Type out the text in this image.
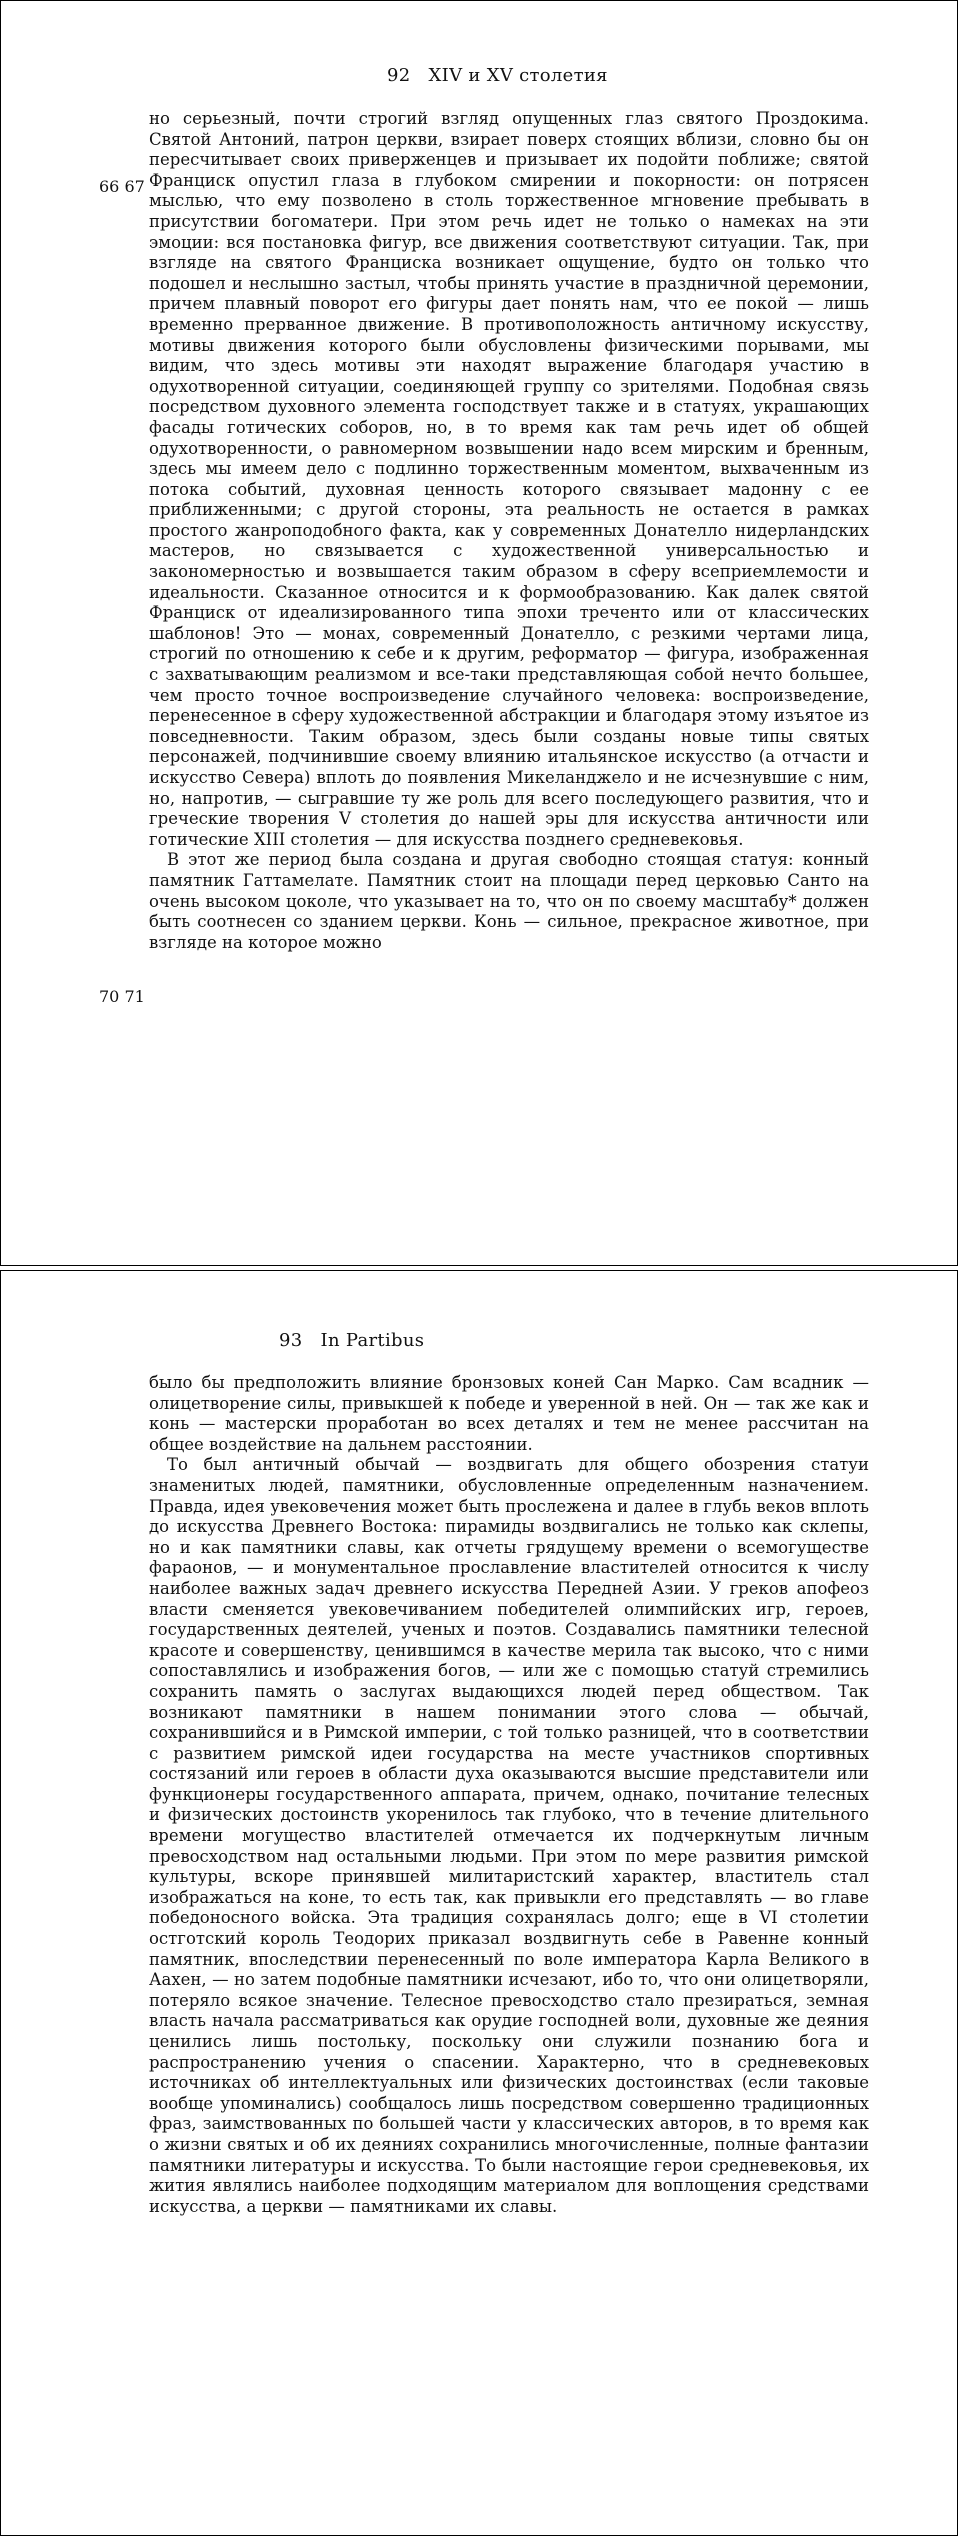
92 XIV и XV столетия
66 67
70 71

но серьезный, почти строгий взгляд опущенных глаз святого Проздокима. Святой Антоний, патрон церкви, взирает поверх стоящих вблизи, словно бы он пересчитывает своих приверженцев и призывает их подойти поближе; святой Франциск опустил глаза в глубоком смирении и покорности: он потрясен мыслью, что ему позволено в столь торжественное мгновение пребывать в присутствии богоматери. При этом речь идет не только о намеках на эти эмоции: вся постановка фигур, все движения соответствуют ситуации. Так, при взгляде на святого Франциска возникает ощущение, будто он только что подошел и неслышно застыл, чтобы принять участие в праздничной церемонии, причем плавный поворот его фигуры дает понять нам, что ее покой — лишь временно прерванное движение. В противоположность античному искусству, мотивы движения которого были обусловлены физическими порывами, мы видим, что здесь мотивы эти находят выражение благодаря участию в одухотворенной ситуации, соединяющей группу со зрителями. Подобная связь посредством духовного элемента господствует также и в статуях, украшающих фасады готических соборов, но, в то время как там речь идет об общей одухотворенности, о равномерном возвышении надо всем мирским и бренным, здесь мы имеем дело с подлинно торжественным моментом, выхваченным из потока событий, духовная ценность которого связывает мадонну с ее приближенными; с другой стороны, эта реальность не остается в рамках простого жанроподобного факта, как у современных Донателло нидерландских мастеров, но связывается с художественной универсальностью и закономерностью и возвышается таким образом в сферу всеприемлемости и идеальности. Сказанное относится и к формообразованию. Как далек святой Франциск от идеализированного типа эпохи треченто или от классических шаблонов! Это — монах, современный Донателло, с резкими чертами лица, строгий по отношению к себе и к другим, реформатор — фигура, изображенная с захватывающим реализмом и все-таки представляющая собой нечто большее, чем просто точное воспроизведение случайного человека: воспроизведение, перенесенное в сферу художественной абстракции и благодаря этому изъятое из повседневности. Таким образом, здесь были созданы новые типы святых персонажей, подчинившие своему влиянию итальянское искусство (а отчасти и искусство Севера) вплоть до появления Микеланджело и не исчезнувшие с ним, но, напротив, — сыгравшие ту же роль для всего последующего развития, что и греческие творения V столетия до нашей эры для искусства античности или готические XIII столетия — для искусства позднего средневековья.

В этот же период была создана и другая свободно стоящая статуя: конный памятник Гаттамелате. Памятник стоит на площади перед церковью Санто на очень высоком цоколе, что указывает на то, что он по своему масштабу* должен быть соотнесен со зданием церкви. Конь — сильное, прекрасное животное, при взгляде на которое можно

93 In Partibus

было бы предположить влияние бронзовых коней Сан Марко. Сам всадник — олицетворение силы, привыкшей к победе и уверенной в ней. Он — так же как и конь — мастерски проработан во всех деталях и тем не менее рассчитан на общее воздействие на дальнем расстоянии.

То был античный обычай — воздвигать для общего обозрения статуи знаменитых людей, памятники, обусловленные определенным назначением. Правда, идея увековечения может быть прослежена и далее в глубь веков вплоть до искусства Древнего Востока: пирамиды воздвигались не только как склепы, но и как памятники славы, как отчеты грядущему времени о всемогуществе фараонов, — и монументальное прославление властителей относится к числу наиболее важных задач древнего искусства Передней Азии. У греков апофеоз власти сменяется увековечиванием победителей олимпийских игр, героев, государственных деятелей, ученых и поэтов. Создавались памятники телесной красоте и совершенству, ценившимся в качестве мерила так высоко, что с ними сопоставлялись и изображения богов, — или же с помощью статуй стремились сохранить память о заслугах выдающихся людей перед обществом. Так возникают памятники в нашем понимании этого слова — обычай, сохранившийся и в Римской империи, с той только разницей, что в соответствии с развитием римской идеи государства на месте участников спортивных состязаний или героев в области духа оказываются высшие представители или функционеры государственного аппарата, причем, однако, почитание телесных и физических достоинств укоренилось так глубоко, что в течение длительного времени могущество властителей отмечается их подчеркнутым личным превосходством над остальными людьми. При этом по мере развития римской культуры, вскоре принявшей милитаристский характер, властитель стал изображаться на коне, то есть так, как привыкли его представлять — во главе победоносного войска. Эта традиция сохранялась долго; еще в VI столетии остготский король Теодорих приказал воздвигнуть себе в Равенне конный памятник, впоследствии перенесенный по воле императора Карла Великого в Аахен, — но затем подобные памятники исчезают, ибо то, что они олицетворяли, потеряло всякое значение. Телесное превосходство стало презираться, земная власть начала рассматриваться как орудие господней воли, духовные же деяния ценились лишь постольку, поскольку они служили познанию бога и распространению учения о спасении. Характерно, что в средневековых источниках об интеллектуальных или физических достоинствах (если таковые вообще упоминались) сообщалось лишь посредством совершенно традиционных фраз, заимствованных по большей части у классических авторов, в то время как о жизни святых и об их деяниях сохранились многочисленные, полные фантазии памятники литературы и искусства. То были настоящие герои средневековья, их жития являлись наиболее подходящим материалом для воплощения средствами искусства, а церкви — памятниками их славы.
